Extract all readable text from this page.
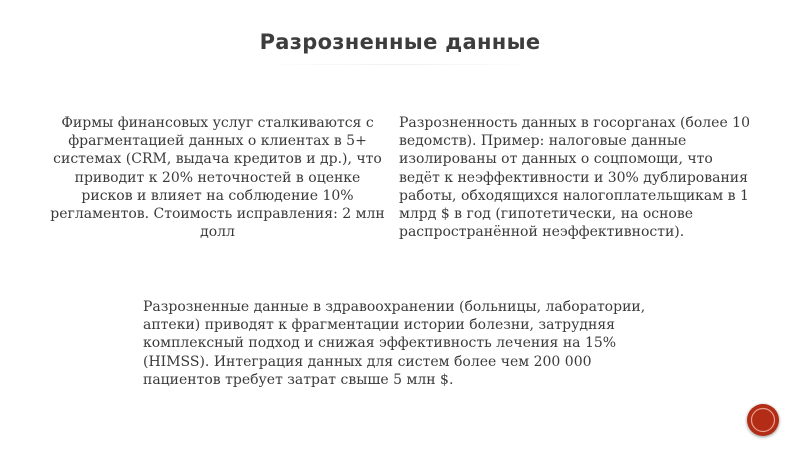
Разрозненные данные

Фирмы финансовых услуг сталкиваются с фрагментацией данных о клиентах в 5+ системах (CRM, выдача кредитов и др.), что приводит к 20% неточностей в оценке рисков и влияет на соблюдение 10% регламентов. Стоимость исправления: 2 млн долл

Разрозненность данных в госорганах (более 10 ведомств). Пример: налоговые данные изолированы от данных о соцпомощи, что ведёт к неэффективности и 30% дублирования работы, обходящихся налогоплательщикам в 1 млрд $ в год (гипотетически, на основе распространённой неэффективности).

Разрозненные данные в здравоохранении (больницы, лаборатории, аптеки) приводят к фрагментации истории болезни, затрудняя комплексный подход и снижая эффективность лечения на 15% (HIMSS). Интеграция данных для систем более чем 200 000 пациентов требует затрат свыше 5 млн $.
